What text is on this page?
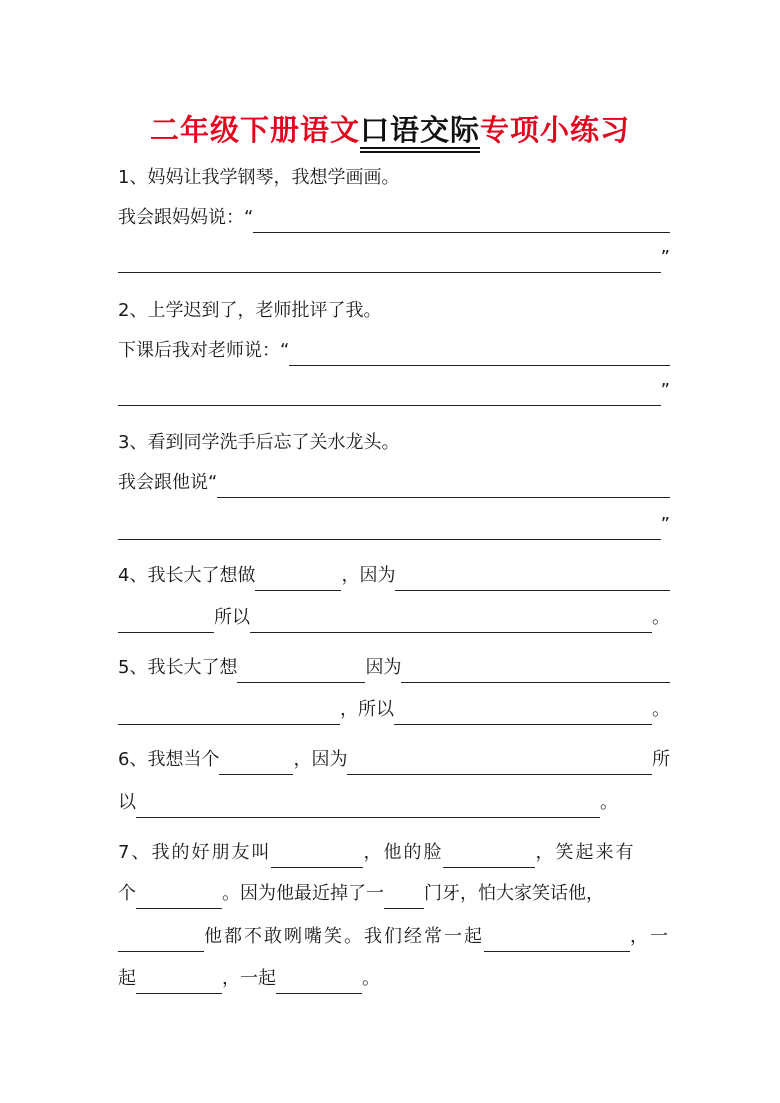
二年级下册语文口语交际专项小练习
1、妈妈让我学钢琴，我想学画画。
我会跟妈妈说：“
”
2、上学迟到了，老师批评了我。
下课后我对老师说：“
”
3、看到同学洗手后忘了关水龙头。
我会跟他说“
”
4、我长大了想做	，因为
所以	。
5、我长大了想	因为
，所以	。
6、我想当个	，因为	所
以	。
7、我的好朋友叫	，他的脸	，笑起来有
个	。因为他最近掉了一 门牙，怕大家笑话他，
他都不敢咧嘴笑。我们经常一起	，一
起	，一起	。
